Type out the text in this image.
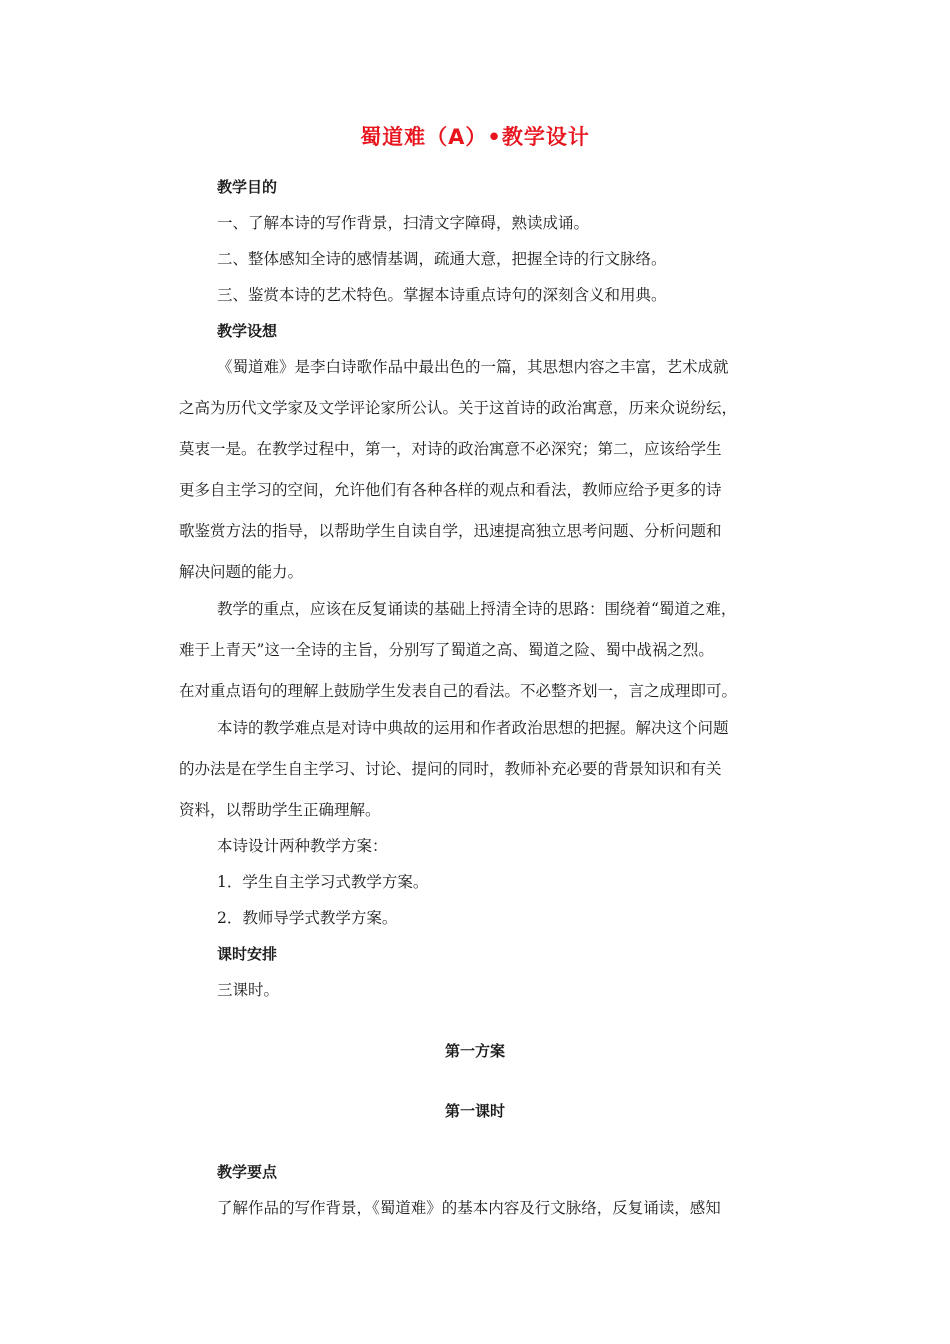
蜀道难（A）•教学设计
教学目的
一、了解本诗的写作背景，扫清文字障碍，熟读成诵。
二、整体感知全诗的感情基调，疏通大意，把握全诗的行文脉络。
三、鉴赏本诗的艺术特色。掌握本诗重点诗句的深刻含义和用典。
教学设想
《蜀道难》是李白诗歌作品中最出色的一篇，其思想内容之丰富，艺术成就
之高为历代文学家及文学评论家所公认。关于这首诗的政治寓意，历来众说纷纭，
莫衷一是。在教学过程中，第一，对诗的政治寓意不必深究；第二，应该给学生
更多自主学习的空间，允许他们有各种各样的观点和看法，教师应给予更多的诗
歌鉴赏方法的指导，以帮助学生自读自学，迅速提高独立思考问题、分析问题和
解决问题的能力。
教学的重点，应该在反复诵读的基础上捋清全诗的思路：围绕着“蜀道之难，
难于上青天”这一全诗的主旨，分别写了蜀道之高、蜀道之险、蜀中战祸之烈。
在对重点语句的理解上鼓励学生发表自己的看法。不必整齐划一，言之成理即可。
本诗的教学难点是对诗中典故的运用和作者政治思想的把握。解决这个问题
的办法是在学生自主学习、讨论、提问的同时，教师补充必要的背景知识和有关
资料，以帮助学生正确理解。
本诗设计两种教学方案：
1．学生自主学习式教学方案。
2．教师导学式教学方案。
课时安排
三课时。
第一方案
第一课时
教学要点
了解作品的写作背景，《蜀道难》的基本内容及行文脉络，反复诵读，感知
